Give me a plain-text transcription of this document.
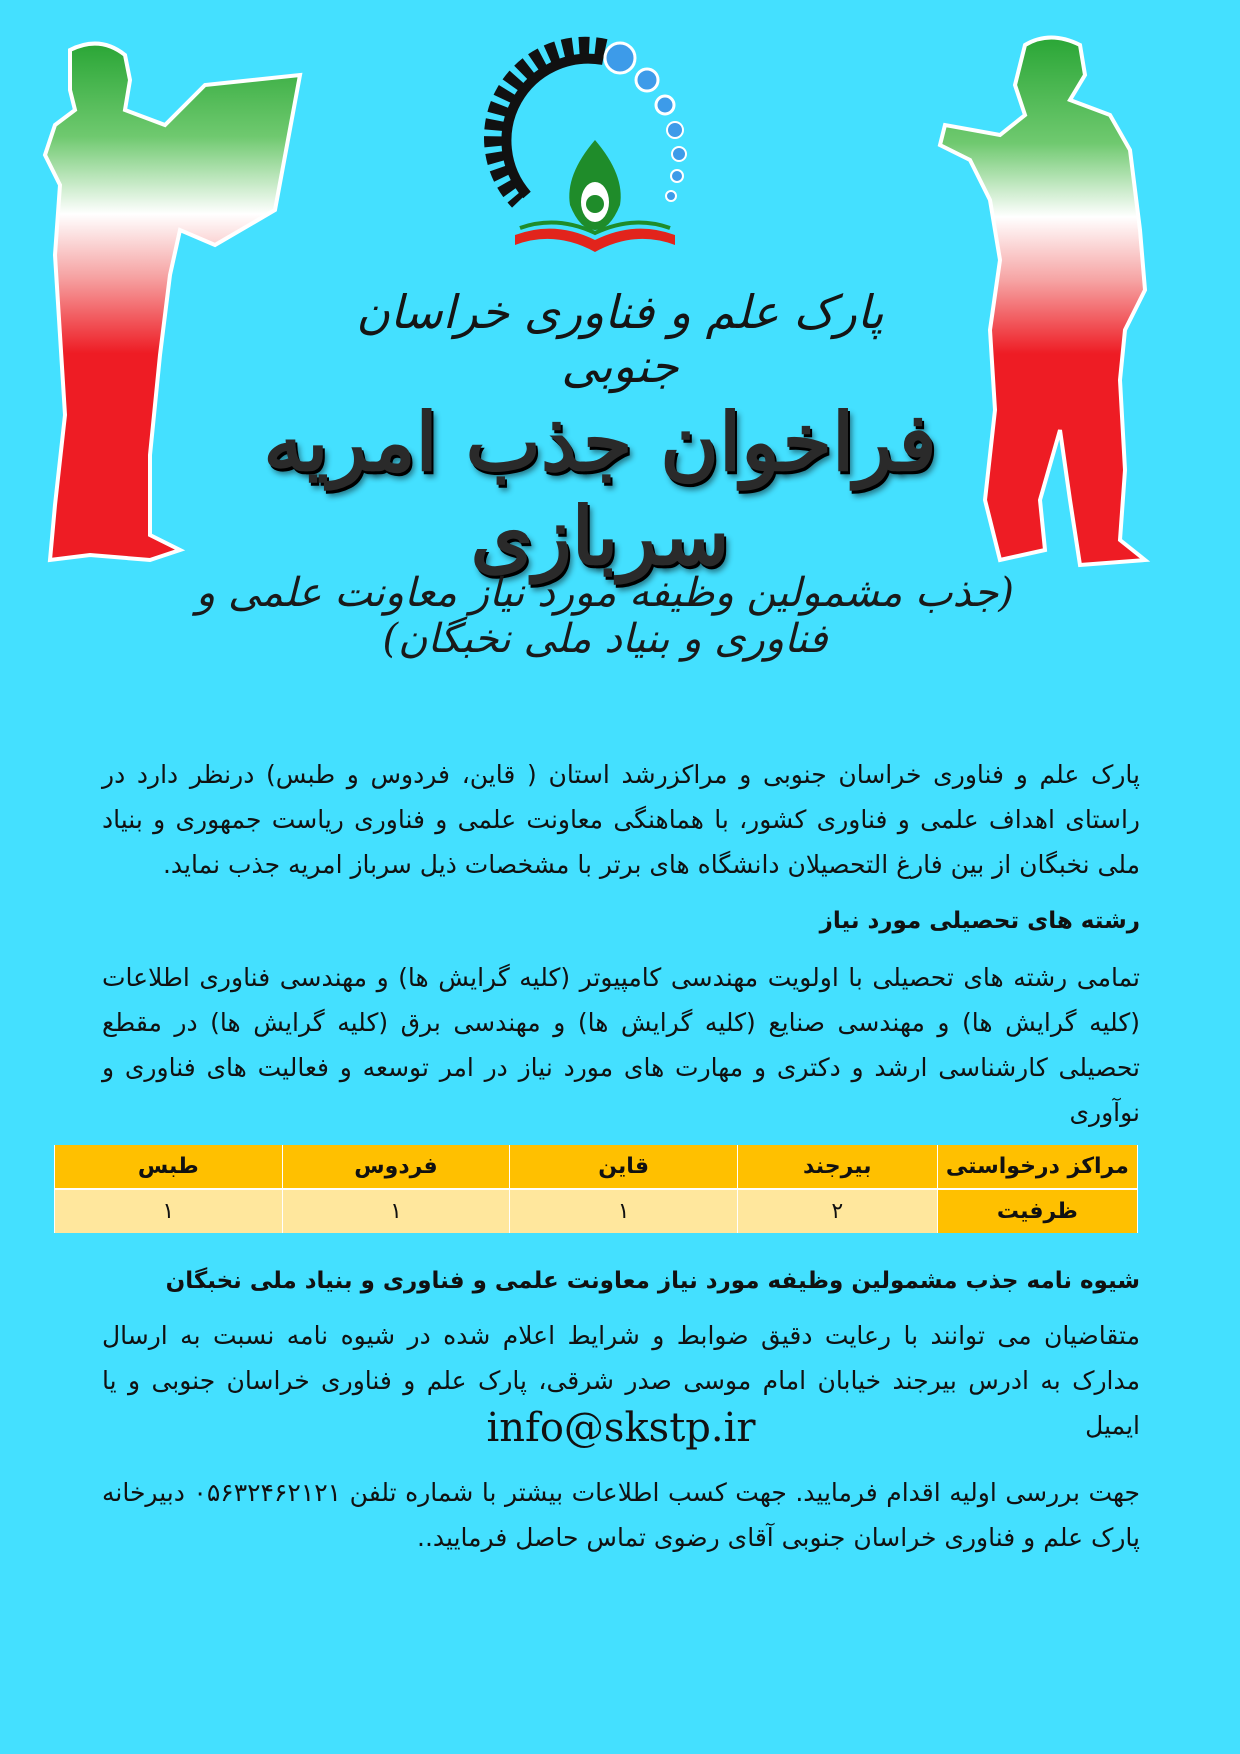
پارک علم و فناوری خراسان جنوبی
فراخوان جذب امریه سربازی
(جذب مشمولین وظیفه مورد نیاز معاونت علمی و فناوری و بنیاد ملی نخبگان)
پارک علم و فناوری خراسان جنوبی و مراکزرشد استان ( قاین، فردوس و طبس) درنظر دارد در راستای اهداف علمی و فناوری کشور، با هماهنگی معاونت علمی و فناوری ریاست جمهوری و بنیاد ملی نخبگان از بین فارغ التحصیلان دانشگاه های برتر با مشخصات ذیل سرباز امریه جذب نماید.
رشته های تحصیلی مورد نیاز
تمامی رشته های تحصیلی با اولویت مهندسی کامپیوتر (کلیه گرایش ها) و مهندسی فناوری اطلاعات (کلیه گرایش ها) و مهندسی صنایع (کلیه گرایش ها) و مهندسی برق (کلیه گرایش ها) در مقطع تحصیلی کارشناسی ارشد و دکتری و مهارت های مورد نیاز در امر توسعه و فعالیت های فناوری و نوآوری
مراکز درخواستی	بیرجند	قاین	فردوس	طبس
ظرفیت	۲	۱	۱	۱
شیوه نامه جذب مشمولین وظیفه مورد نیاز معاونت علمی و فناوری و بنیاد ملی نخبگان
متقاضیان می توانند با رعایت دقیق ضوابط و شرایط اعلام شده در شیوه نامه نسبت به ارسال مدارک به ادرس بیرجند خیابان امام موسی صدر شرقی، پارک علم و فناوری خراسان جنوبی و یا ایمیل
info@skstp.ir
جهت بررسی اولیه اقدام فرمایید. جهت کسب اطلاعات بیشتر با شماره تلفن ۰۵۶۳۲۴۶۲۱۲۱ دبیرخانه پارک علم و فناوری خراسان جنوبی آقای رضوی تماس حاصل فرمایید..
